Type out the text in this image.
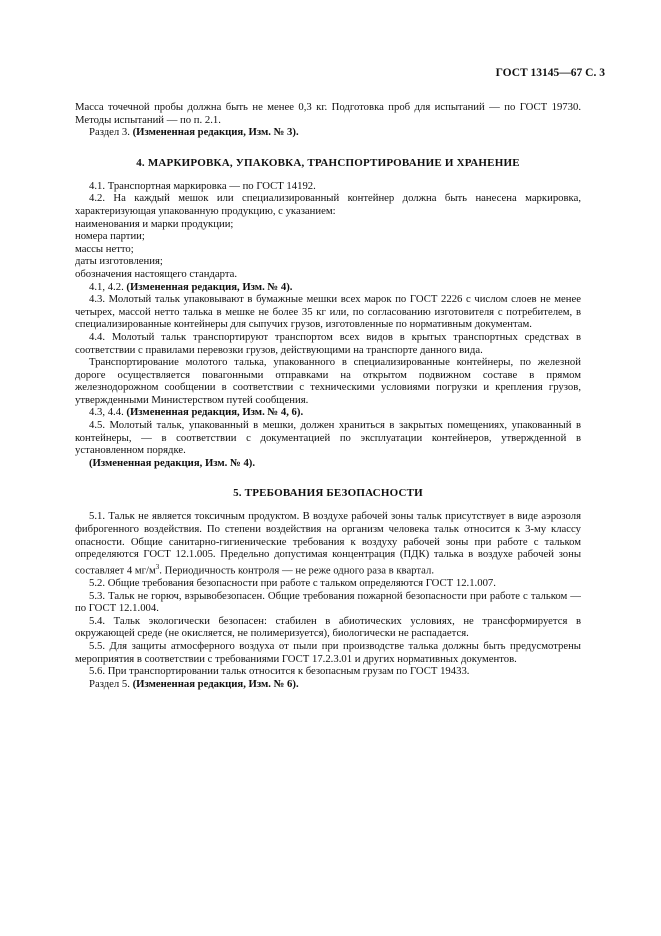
ГОСТ 13145—67 С. 3

Масса точечной пробы должна быть не менее 0,3 кг. Подготовка проб для испытаний — по ГОСТ 19730. Методы испытаний — по п. 2.1.

Раздел 3. (Измененная редакция, Изм. № 3).

4. МАРКИРОВКА, УПАКОВКА, ТРАНСПОРТИРОВАНИЕ И ХРАНЕНИЕ

4.1. Транспортная маркировка — по ГОСТ 14192.

4.2. На каждый мешок или специализированный контейнер должна быть нанесена маркировка, характеризующая упакованную продукцию, с указанием:

наименования и марки продукции;
номера партии;
массы нетто;
даты изготовления;
обозначения настоящего стандарта.

4.1, 4.2. (Измененная редакция, Изм. № 4).

4.3. Молотый тальк упаковывают в бумажные мешки всех марок по ГОСТ 2226 с числом слоев не менее четырех, массой нетто талька в мешке не более 35 кг или, по согласованию изготовителя с потребителем, в специализированные контейнеры для сыпучих грузов, изготовленные по нормативным документам.

4.4. Молотый тальк транспортируют транспортом всех видов в крытых транспортных средствах в соответствии с правилами перевозки грузов, действующими на транспорте данного вида.

Транспортирование молотого талька, упакованного в специализированные контейнеры, по железной дороге осуществляется повагонными отправками на открытом подвижном составе в прямом железнодорожном сообщении в соответствии с техническими условиями погрузки и крепления грузов, утвержденными Министерством путей сообщения.

4.3, 4.4. (Измененная редакция, Изм. № 4, 6).

4.5. Молотый тальк, упакованный в мешки, должен храниться в закрытых помещениях, упакованный в контейнеры, — в соответствии с документацией по эксплуатации контейнеров, утвержденной в установленном порядке.

(Измененная редакция, Изм. № 4).

5. ТРЕБОВАНИЯ БЕЗОПАСНОСТИ

5.1. Тальк не является токсичным продуктом. В воздухе рабочей зоны тальк присутствует в виде аэрозоля фиброгенного воздействия. По степени воздействия на организм человека тальк относится к 3-му классу опасности. Общие санитарно-гигиенические требования к воздуху рабочей зоны при работе с тальком определяются ГОСТ 12.1.005. Предельно допустимая концентрация (ПДК) талька в воздухе рабочей зоны составляет 4 $мг/м^3$. Периодичность контроля — не реже одного раза в квартал.

5.2. Общие требования безопасности при работе с тальком определяются ГОСТ 12.1.007.

5.3. Тальк не горюч, взрывобезопасен. Общие требования пожарной безопасности при работе с тальком — по ГОСТ 12.1.004.

5.4. Тальк экологически безопасен: стабилен в абиотических условиях, не трансформируется в окружающей среде (не окисляется, не полимеризуется), биологически не распадается.

5.5. Для защиты атмосферного воздуха от пыли при производстве талька должны быть предусмотрены мероприятия в соответствии с требованиями ГОСТ 17.2.3.01 и других нормативных документов.

5.6. При транспортировании тальк относится к безопасным грузам по ГОСТ 19433.

Раздел 5. (Измененная редакция, Изм. № 6).
